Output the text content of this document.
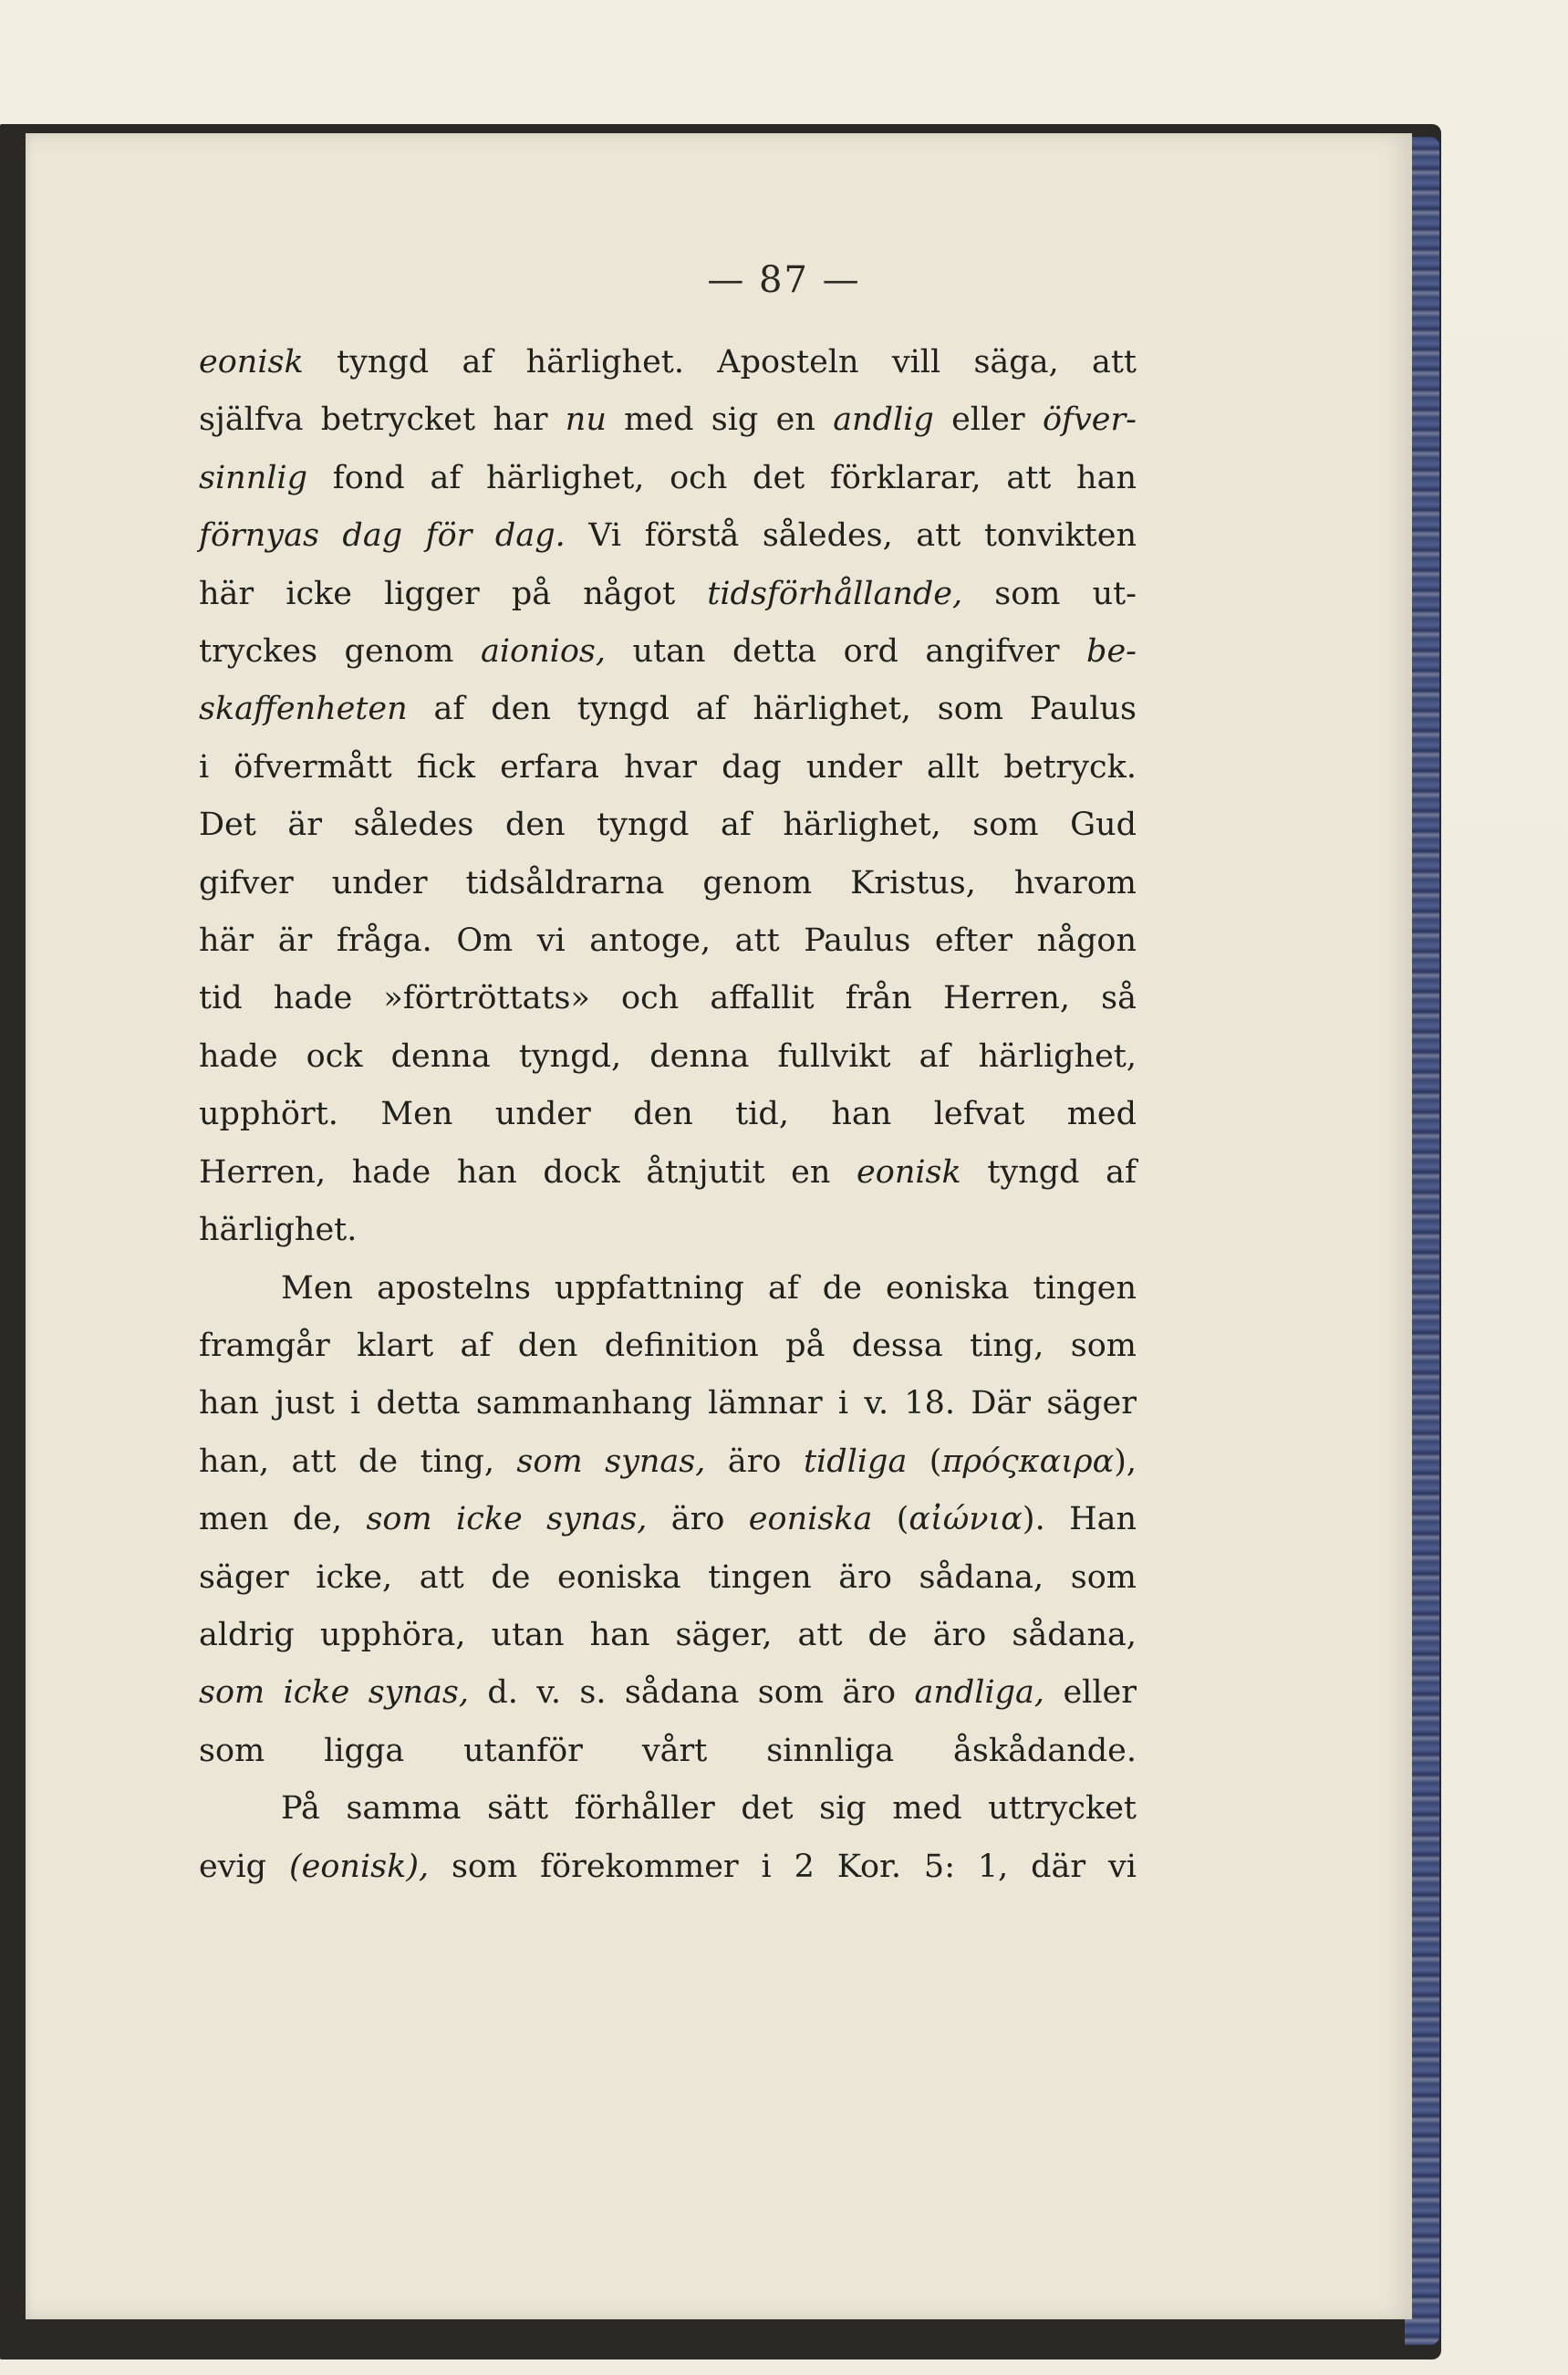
— 87 —
eonisk tyngd af härlighet. Aposteln vill säga, att
själfva betrycket har nu med sig en andlig eller öfver-
sinnlig fond af härlighet, och det förklarar, att han
förnyas dag för dag. Vi förstå således, att tonvikten
här icke ligger på något tidsförhållande, som ut-
tryckes genom aionios, utan detta ord angifver be-
skaffenheten af den tyngd af härlighet, som Paulus
i öfvermått fick erfara hvar dag under allt betryck.
Det är således den tyngd af härlighet, som Gud
gifver under tidsåldrarna genom Kristus, hvarom
här är fråga. Om vi antoge, att Paulus efter någon
tid hade »förtröttats» och affallit från Herren, så
hade ock denna tyngd, denna fullvikt af härlighet,
upphört. Men under den tid, han lefvat med
Herren, hade han dock åtnjutit en eonisk tyngd af
härlighet.
Men apostelns uppfattning af de eoniska tingen
framgår klart af den definition på dessa ting, som
han just i detta sammanhang lämnar i v. 18. Där säger
han, att de ting, som synas, äro tidliga (πρόςκαιρα),
men de, som icke synas, äro eoniska (αἰώνια). Han
säger icke, att de eoniska tingen äro sådana, som
aldrig upphöra, utan han säger, att de äro sådana,
som icke synas, d. v. s. sådana som äro andliga, eller
som ligga utanför vårt sinnliga åskådande.
På samma sätt förhåller det sig med uttrycket
evig (eonisk), som förekommer i 2 Kor. 5: 1, där vi
